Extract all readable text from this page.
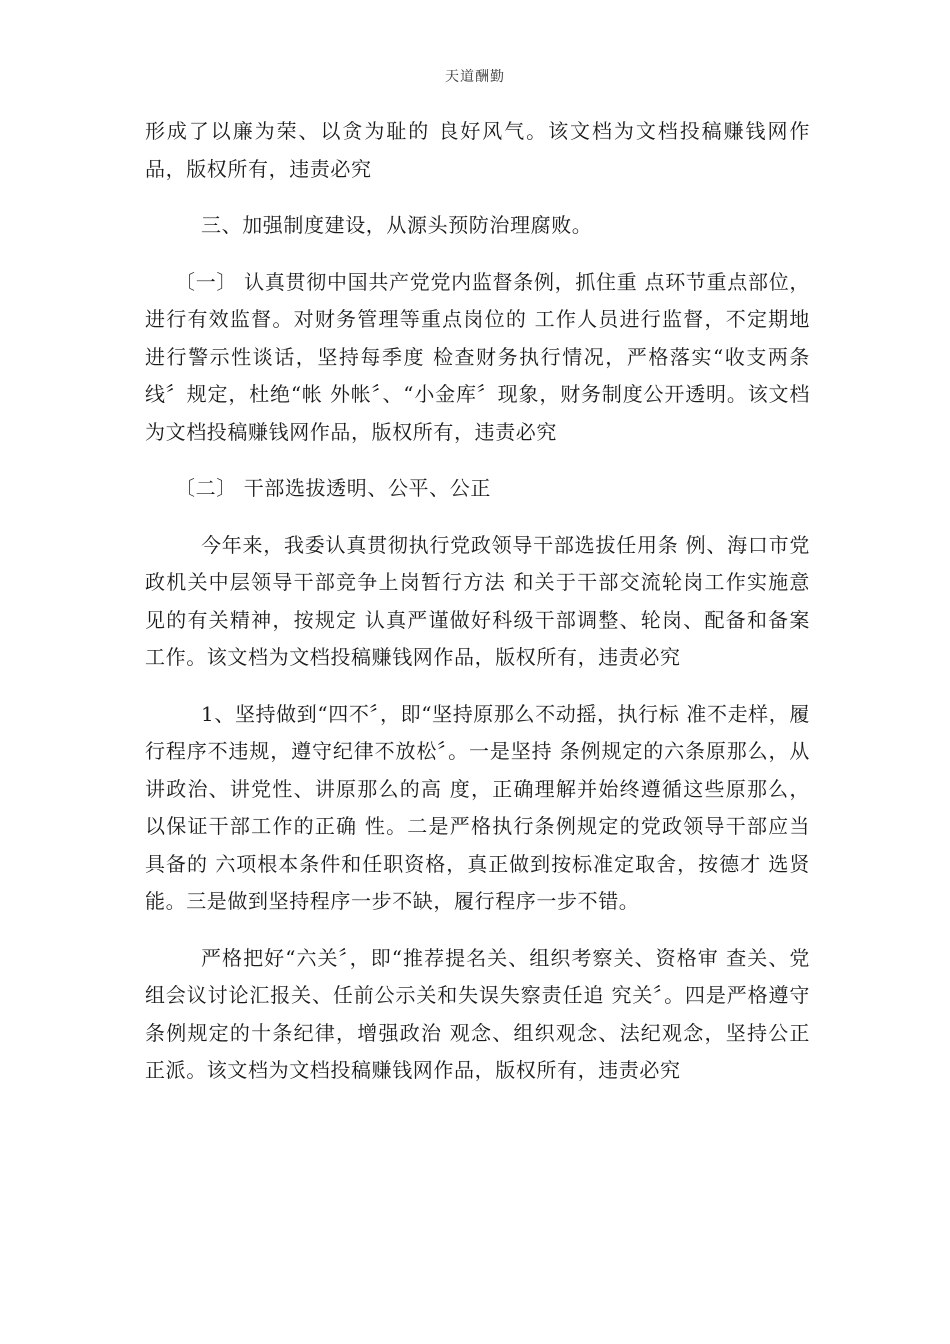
天道酬勤

形成了以廉为荣、以贪为耻的 良好风气。该文档为文档投稿赚钱网作品，版权所有，违责必究

三、加强制度建设，从源头预防治理腐败。

〔一〕 认真贯彻中国共产党党内监督条例，抓住重 点环节重点部位，进行有效监督。对财务管理等重点岗位的 工作人员进行监督，不定期地进行警示性谈话，坚持每季度 检查财务执行情况，严格落实“收支两条线〞规定，杜绝“帐 外帐〞、“小金库〞现象，财务制度公开透明。该文档为文档投稿赚钱网作品，版权所有，违责必究

〔二〕 干部选拔透明、公平、公正

今年来，我委认真贯彻执行党政领导干部选拔任用条 例、海口市党政机关中层领导干部竞争上岗暂行方法 和关于干部交流轮岗工作实施意见的有关精神，按规定 认真严谨做好科级干部调整、轮岗、配备和备案工作。该文档为文档投稿赚钱网作品，版权所有，违责必究

1、坚持做到“四不〞，即“坚持原那么不动摇，执行标 准不走样，履行程序不违规，遵守纪律不放松〞。一是坚持 条例规定的六条原那么，从讲政治、讲党性、讲原那么的高 度，正确理解并始终遵循这些原那么，以保证干部工作的正确 性。二是严格执行条例规定的党政领导干部应当具备的 六项根本条件和任职资格，真正做到按标准定取舍，按德才 选贤能。三是做到坚持程序一步不缺，履行程序一步不错。

严格把好“六关〞，即“推荐提名关、组织考察关、资格审 查关、党组会议讨论汇报关、任前公示关和失误失察责任追 究关〞。四是严格遵守条例规定的十条纪律，增强政治 观念、组织观念、法纪观念，坚持公正正派。该文档为文档投稿赚钱网作品，版权所有，违责必究
